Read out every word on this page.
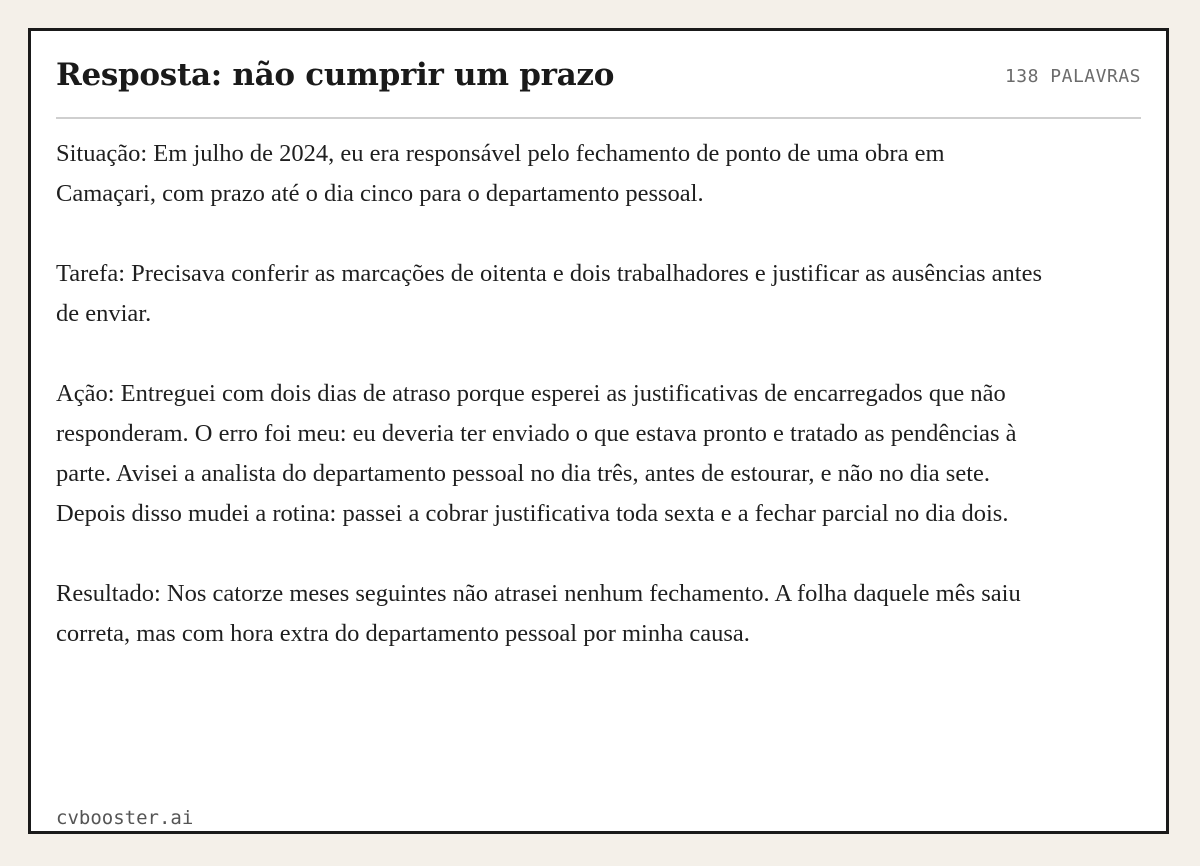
Resposta: não cumprir um prazo	138 PALAVRAS

Situação: Em julho de 2024, eu era responsável pelo fechamento de ponto de uma obra em Camaçari, com prazo até o dia cinco para o departamento pessoal.

Tarefa: Precisava conferir as marcações de oitenta e dois trabalhadores e justificar as ausências antes de enviar.

Ação: Entreguei com dois dias de atraso porque esperei as justificativas de encarregados que não responderam. O erro foi meu: eu deveria ter enviado o que estava pronto e tratado as pendências à parte. Avisei a analista do departamento pessoal no dia três, antes de estourar, e não no dia sete. Depois disso mudei a rotina: passei a cobrar justificativa toda sexta e a fechar parcial no dia dois.

Resultado: Nos catorze meses seguintes não atrasei nenhum fechamento. A folha daquele mês saiu correta, mas com hora extra do departamento pessoal por minha causa.

cvbooster.ai
